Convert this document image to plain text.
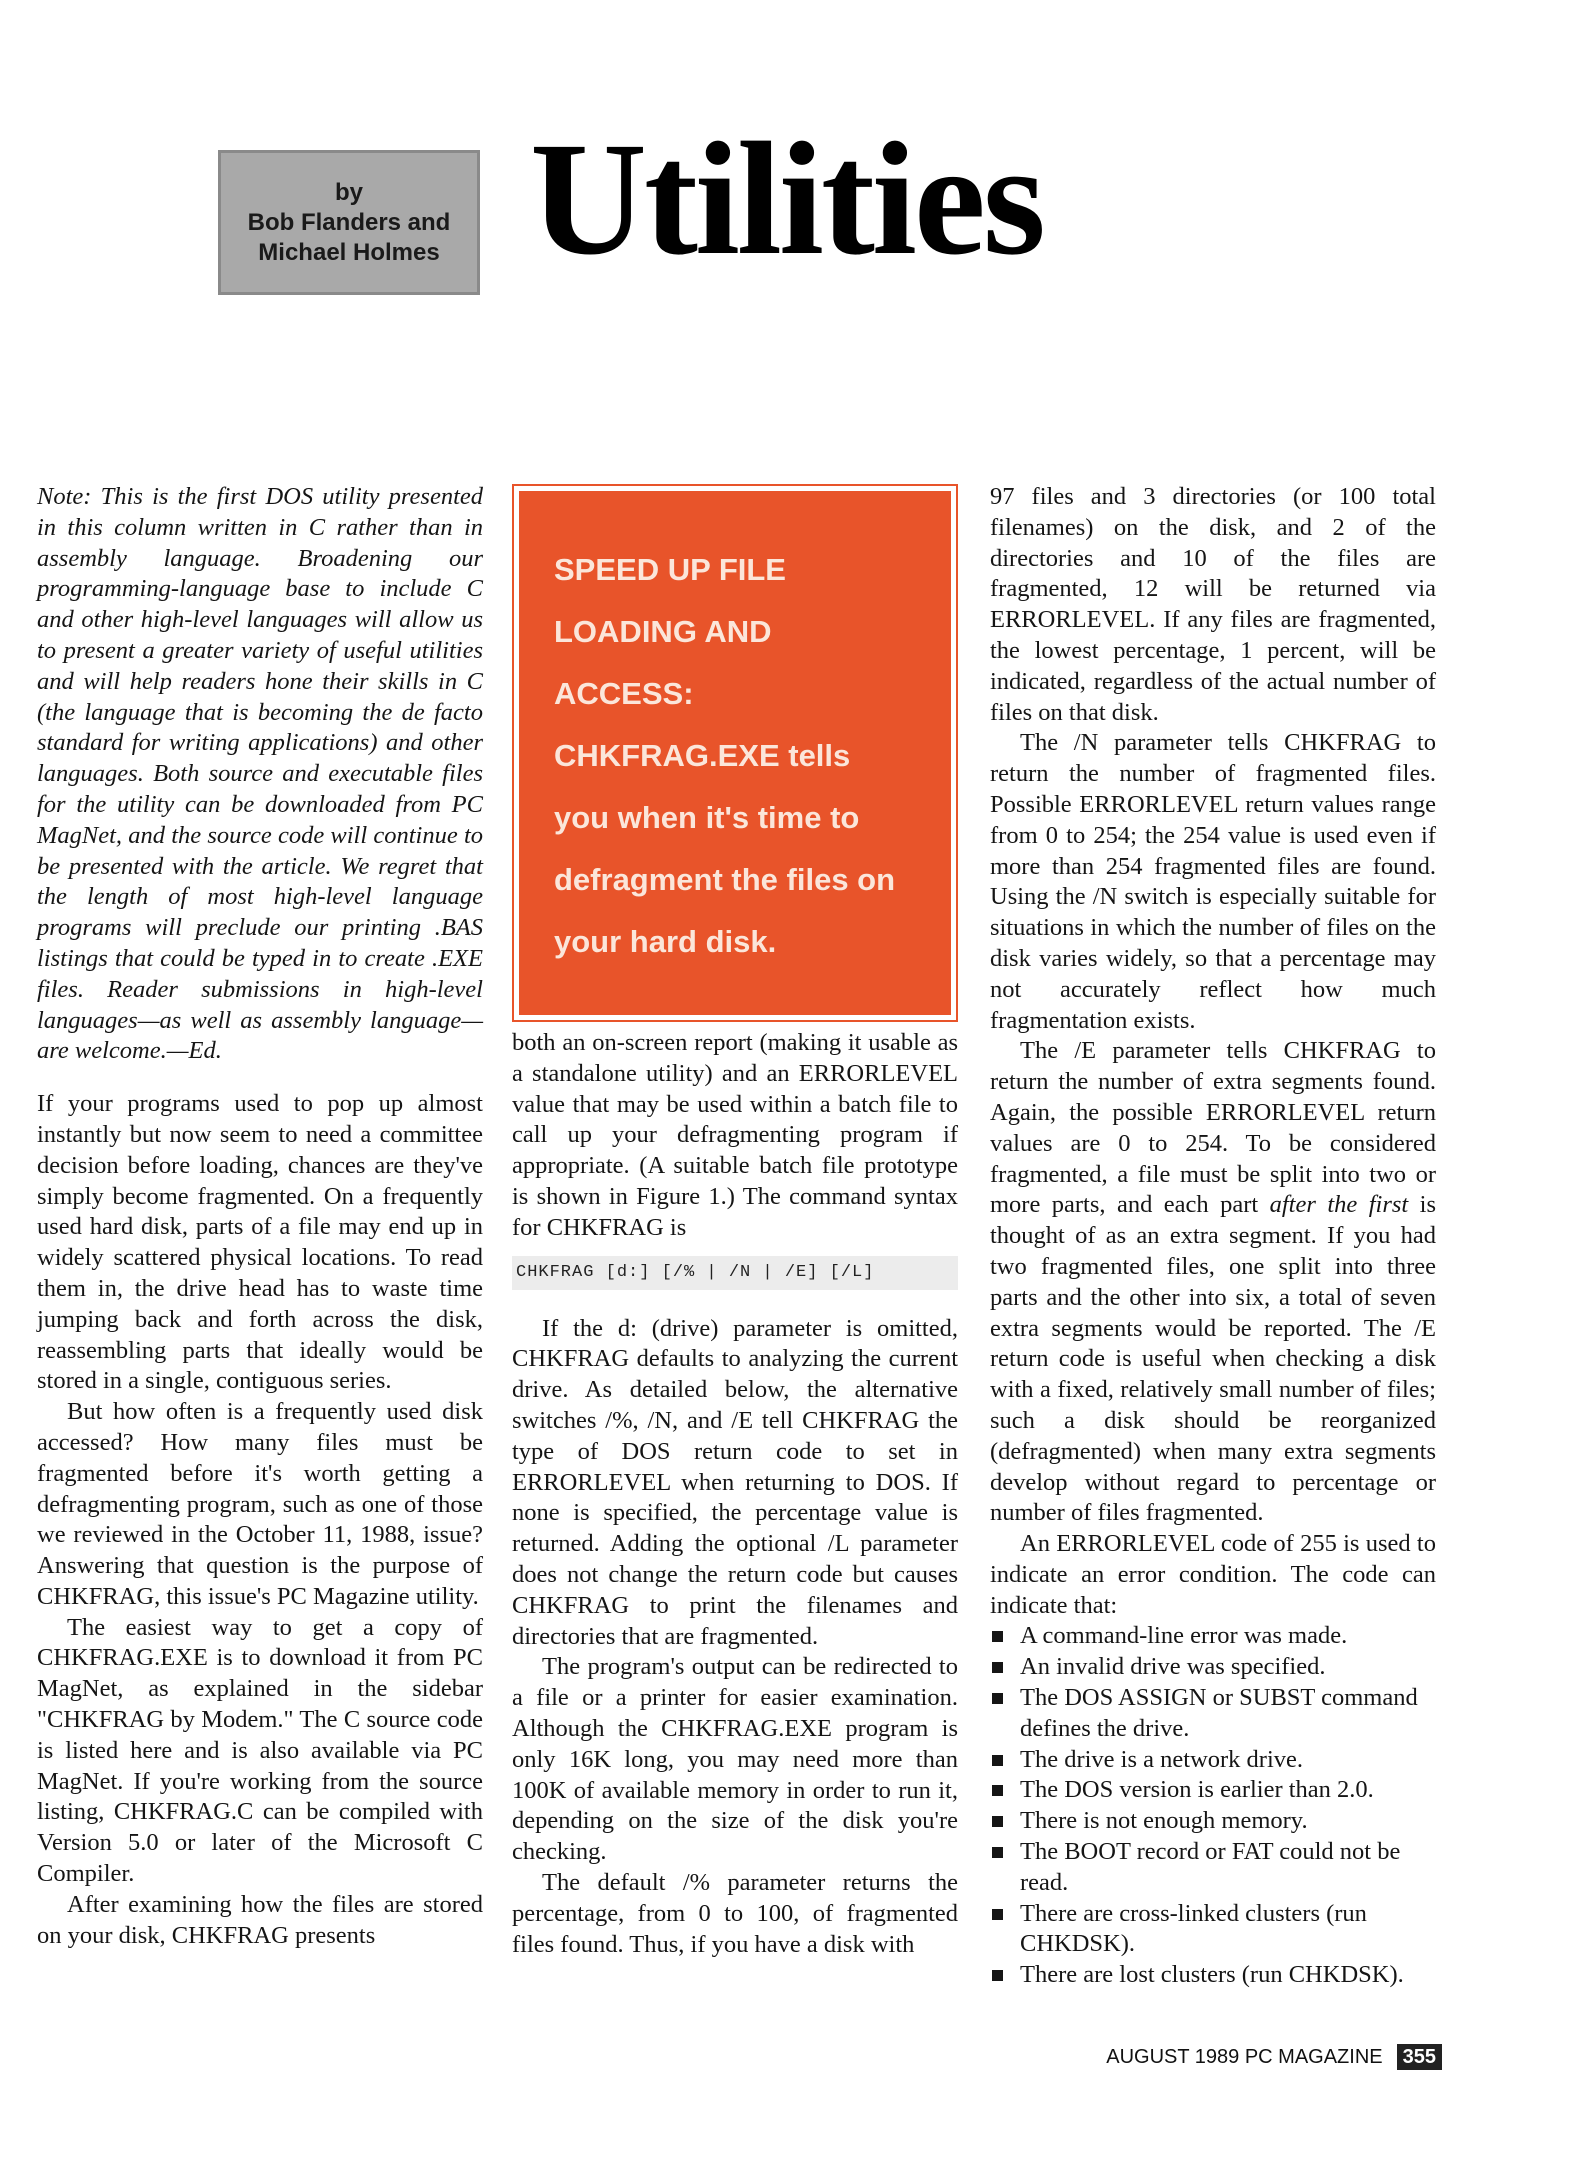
by
Bob Flanders and
Michael Holmes Utilities

Note: This is the first DOS utility presented in this column written in C rather than in assembly language. Broadening our programming-language base to include C and other high-level languages will allow us to present a greater variety of useful utilities and will help readers hone their skills in C (the language that is becoming the de facto standard for writing applications) and other languages. Both source and executable files for the utility can be downloaded from PC MagNet, and the source code will continue to be presented with the article. We regret that the length of most high-level language programs will preclude our printing .BAS listings that could be typed in to create .EXE files. Reader submissions in high-level languages—as well as assembly language— are welcome.—Ed.

If your programs used to pop up almost instantly but now seem to need a committee decision before loading, chances are they've simply become fragmented. On a frequently used hard disk, parts of a file may end up in widely scattered physical locations. To read them in, the drive head has to waste time jumping back and forth across the disk, reassembling parts that ideally would be stored in a single, contiguous series.

But how often is a frequently used disk accessed? How many files must be fragmented before it's worth getting a defragmenting program, such as one of those we reviewed in the October 11, 1988, issue? Answering that question is the purpose of CHKFRAG, this issue's PC Magazine utility.

The easiest way to get a copy of CHKFRAG.EXE is to download it from PC MagNet, as explained in the sidebar "CHKFRAG by Modem." The C source code is listed here and is also available via PC MagNet. If you're working from the source listing, CHKFRAG.C can be compiled with Version 5.0 or later of the Microsoft C Compiler.

After examining how the files are stored on your disk, CHKFRAG presents

SPEED UP FILE
LOADING AND
ACCESS:
CHKFRAG.EXE tells
you when it's time to
defragment the files on
your hard disk.

both an on-screen report (making it usable as a standalone utility) and an ERRORLEVEL value that may be used within a batch file to call up your defragmenting program if appropriate. (A suitable batch file prototype is shown in Figure 1.) The command syntax for CHKFRAG is

CHKFRAG [d:] [/% | /N | /E] [/L]

If the d: (drive) parameter is omitted, CHKFRAG defaults to analyzing the current drive. As detailed below, the alternative switches /%, /N, and /E tell CHKFRAG the type of DOS return code to set in ERRORLEVEL when returning to DOS. If none is specified, the percentage value is returned. Adding the optional /L parameter does not change the return code but causes CHKFRAG to print the filenames and directories that are fragmented.

The program's output can be redirected to a file or a printer for easier examination. Although the CHKFRAG.EXE program is only 16K long, you may need more than 100K of available memory in order to run it, depending on the size of the disk you're checking.

The default /% parameter returns the percentage, from 0 to 100, of fragmented files found. Thus, if you have a disk with

97 files and 3 directories (or 100 total filenames) on the disk, and 2 of the directories and 10 of the files are fragmented, 12 will be returned via ERRORLEVEL. If any files are fragmented, the lowest percentage, 1 percent, will be indicated, regardless of the actual number of files on that disk.

The /N parameter tells CHKFRAG to return the number of fragmented files. Possible ERRORLEVEL return values range from 0 to 254; the 254 value is used even if more than 254 fragmented files are found. Using the /N switch is especially suitable for situations in which the number of files on the disk varies widely, so that a percentage may not accurately reflect how much fragmentation exists.

The /E parameter tells CHKFRAG to return the number of extra segments found. Again, the possible ERRORLEVEL return values are 0 to 254. To be considered fragmented, a file must be split into two or more parts, and each part after the first is thought of as an extra segment. If you had two fragmented files, one split into three parts and the other into six, a total of seven extra segments would be reported. The /E return code is useful when checking a disk with a fixed, relatively small number of files; such a disk should be reorganized (defragmented) when many extra segments develop without regard to percentage or number of files fragmented.

An ERRORLEVEL code of 255 is used to indicate an error condition. The code can indicate that:

A command-line error was made.
An invalid drive was specified.
The DOS ASSIGN or SUBST command defines the drive.
The drive is a network drive.
The DOS version is earlier than 2.0.
There is not enough memory.
The BOOT record or FAT could not be read.
There are cross-linked clusters (run CHKDSK).
There are lost clusters (run CHKDSK).
AUGUST 1989 PC MAGAZINE	355
